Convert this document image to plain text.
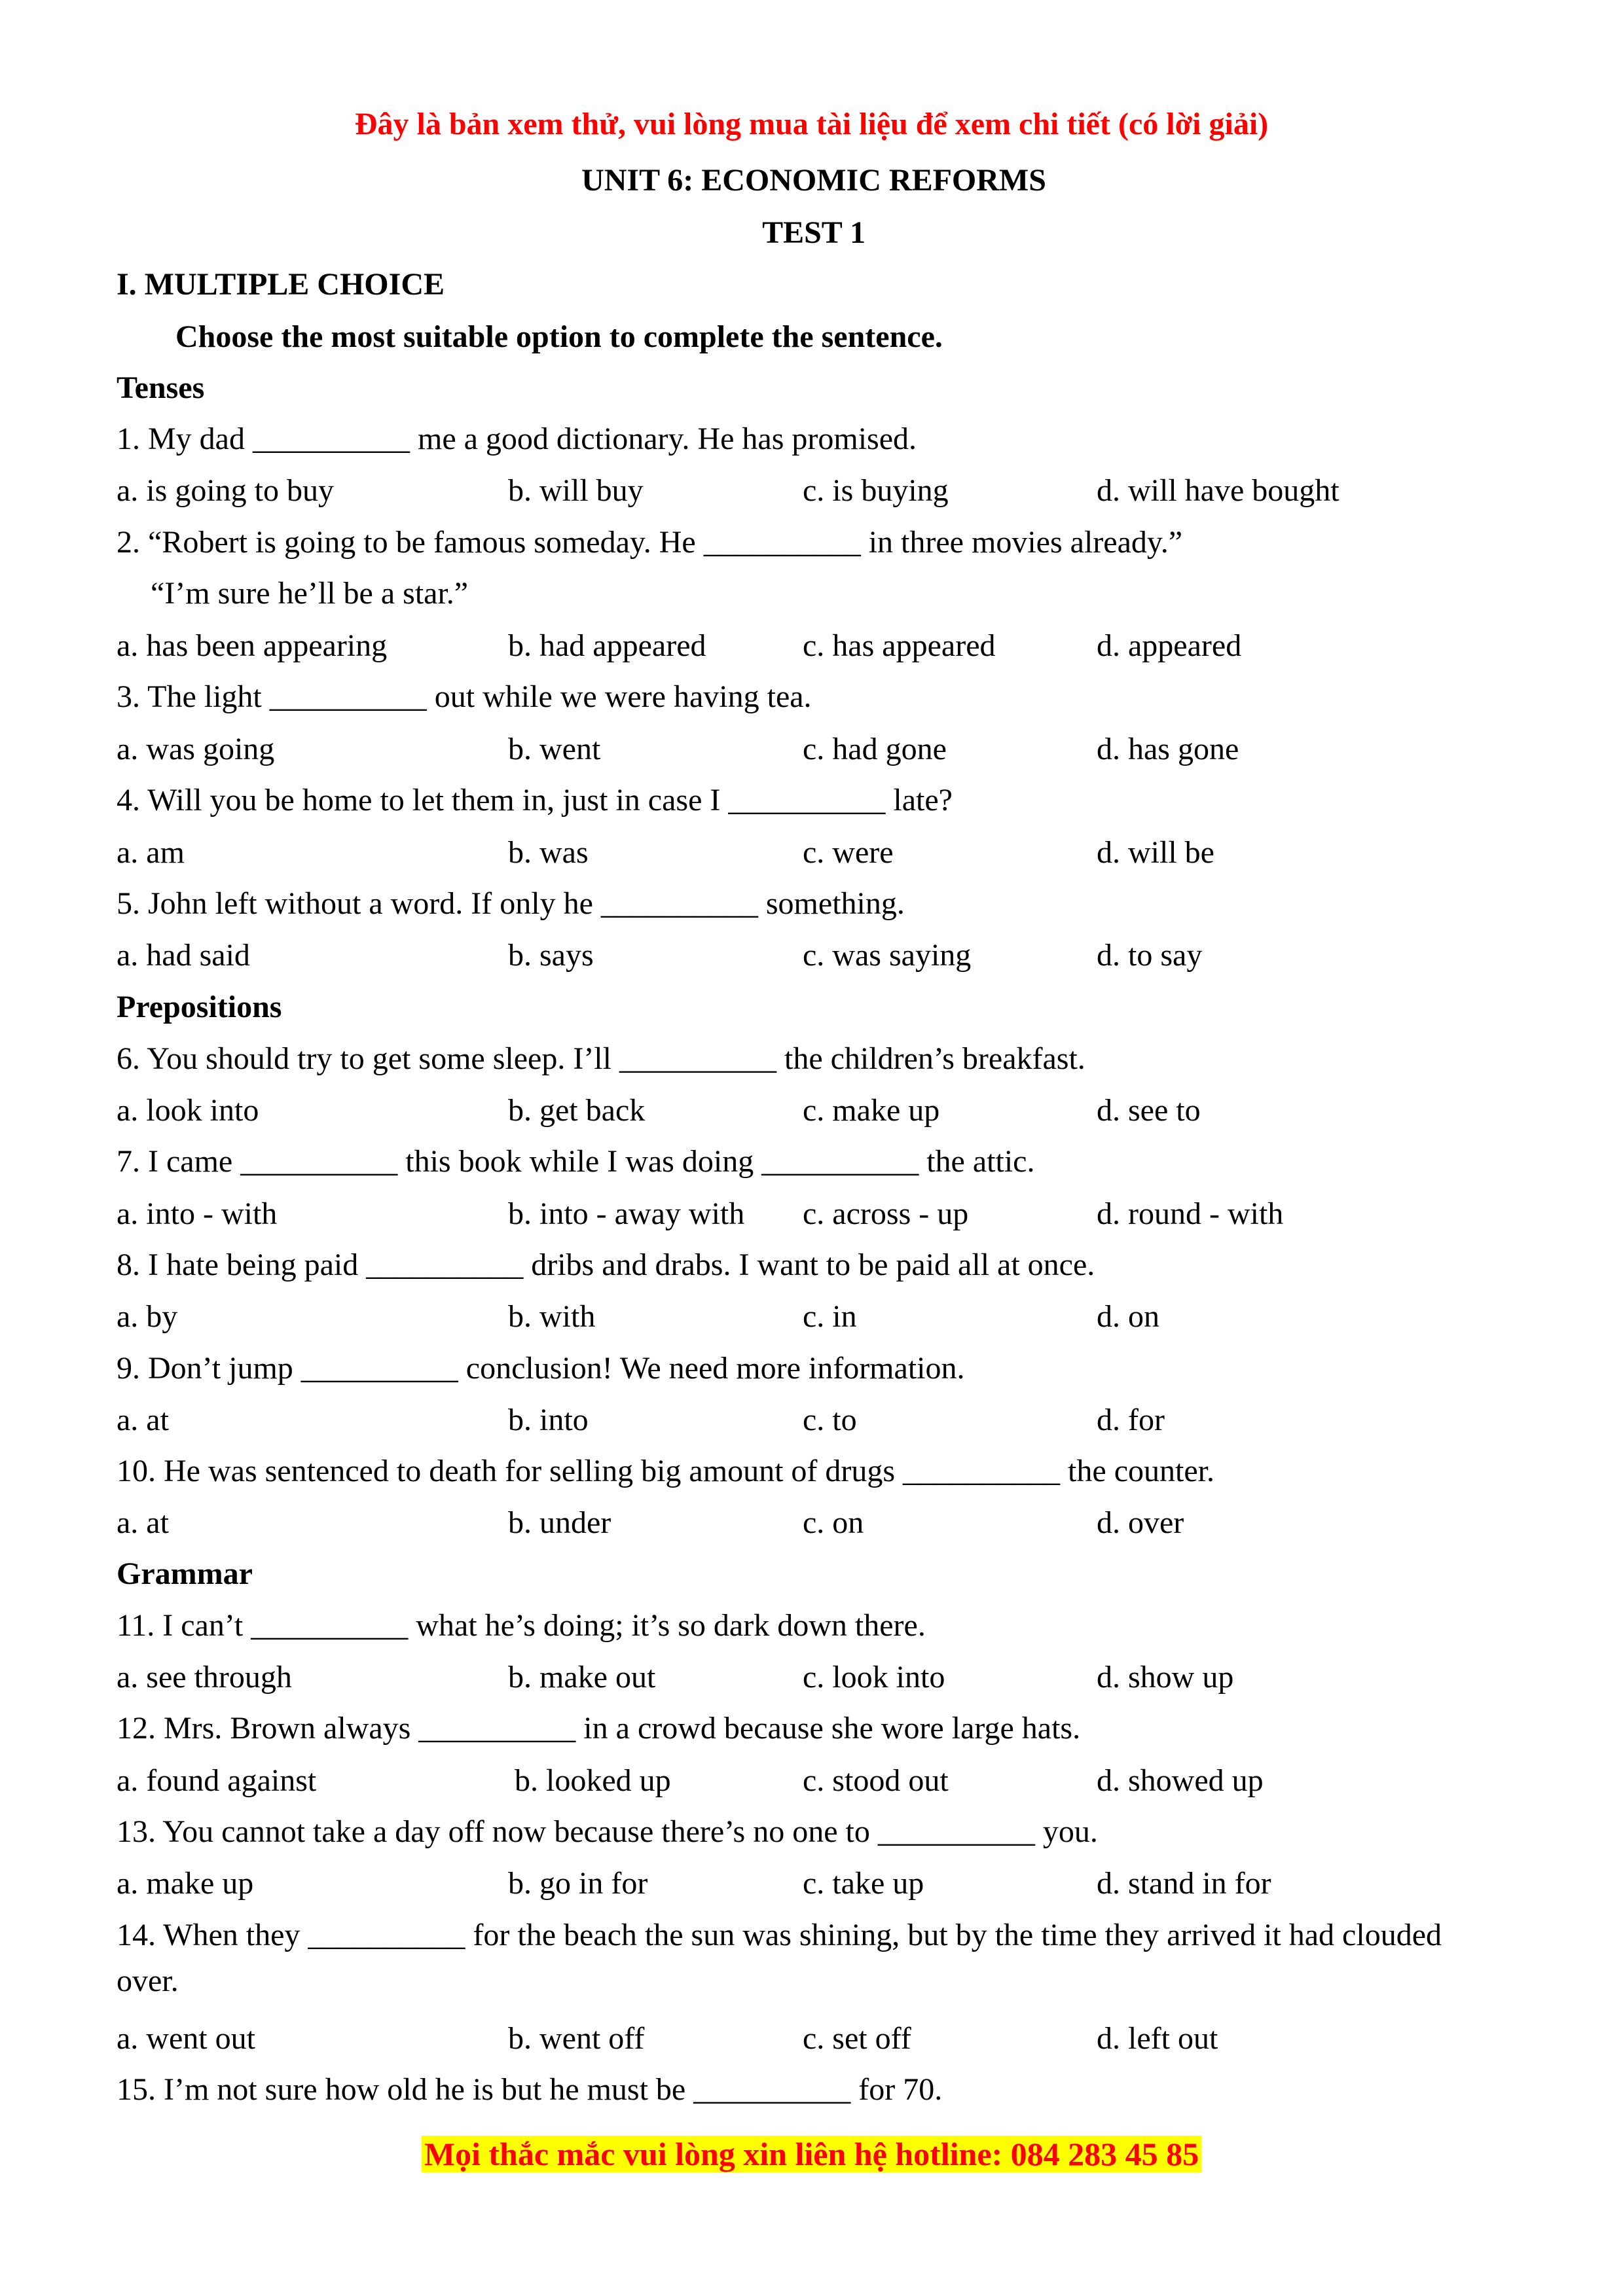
Đây là bản xem thử, vui lòng mua tài liệu để xem chi tiết (có lời giải)
UNIT 6: ECONOMIC REFORMS
TEST 1
I. MULTIPLE CHOICE
Choose the most suitable option to complete the sentence.
Tenses
1. My dad __________ me a good dictionary. He has promised.
a. is going to buy	b. will buy	c. is buying	d. will have bought
2. “Robert is going to be famous someday. He __________ in three movies already.”
“I’m sure he’ll be a star.”
a. has been appearing	b. had appeared	c. has appeared	d. appeared
3. The light __________ out while we were having tea.
a. was going	b. went	c. had gone	d. has gone
4. Will you be home to let them in, just in case I __________ late?
a. am	b. was	c. were	d. will be
5. John left without a word. If only he __________ something.
a. had said	b. says	c. was saying	d. to say
Prepositions
6. You should try to get some sleep. I’ll __________ the children’s breakfast.
a. look into	b. get back	c. make up	d. see to
7. I came __________ this book while I was doing __________ the attic.
a. into - with	b. into - away with c. across - up	d. round - with
8. I hate being paid __________ dribs and drabs. I want to be paid all at once.
a. by	b. with	c. in	d. on
9. Don’t jump __________ conclusion! We need more information.
a. at	b. into	c. to	d. for
10. He was sentenced to death for selling big amount of drugs __________ the counter.
a. at	b. under	c. on	d. over
Grammar
11. I can’t __________ what he’s doing; it’s so dark down there.
a. see through	b. make out	c. look into	d. show up
12. Mrs. Brown always __________ in a crowd because she wore large hats.
a. found against	b. looked up	c. stood out	d. showed up
13. You cannot take a day off now because there’s no one to __________ you.
a. make up	b. go in for	c. take up	d. stand in for
14. When they __________ for the beach the sun was shining, but by the time they arrived it had clouded over.
a. went out	b. went off	c. set off	d. left out
15. I’m not sure how old he is but he must be __________ for 70.
Mọi thắc mắc vui lòng xin liên hệ hotline: 084 283 45 85
